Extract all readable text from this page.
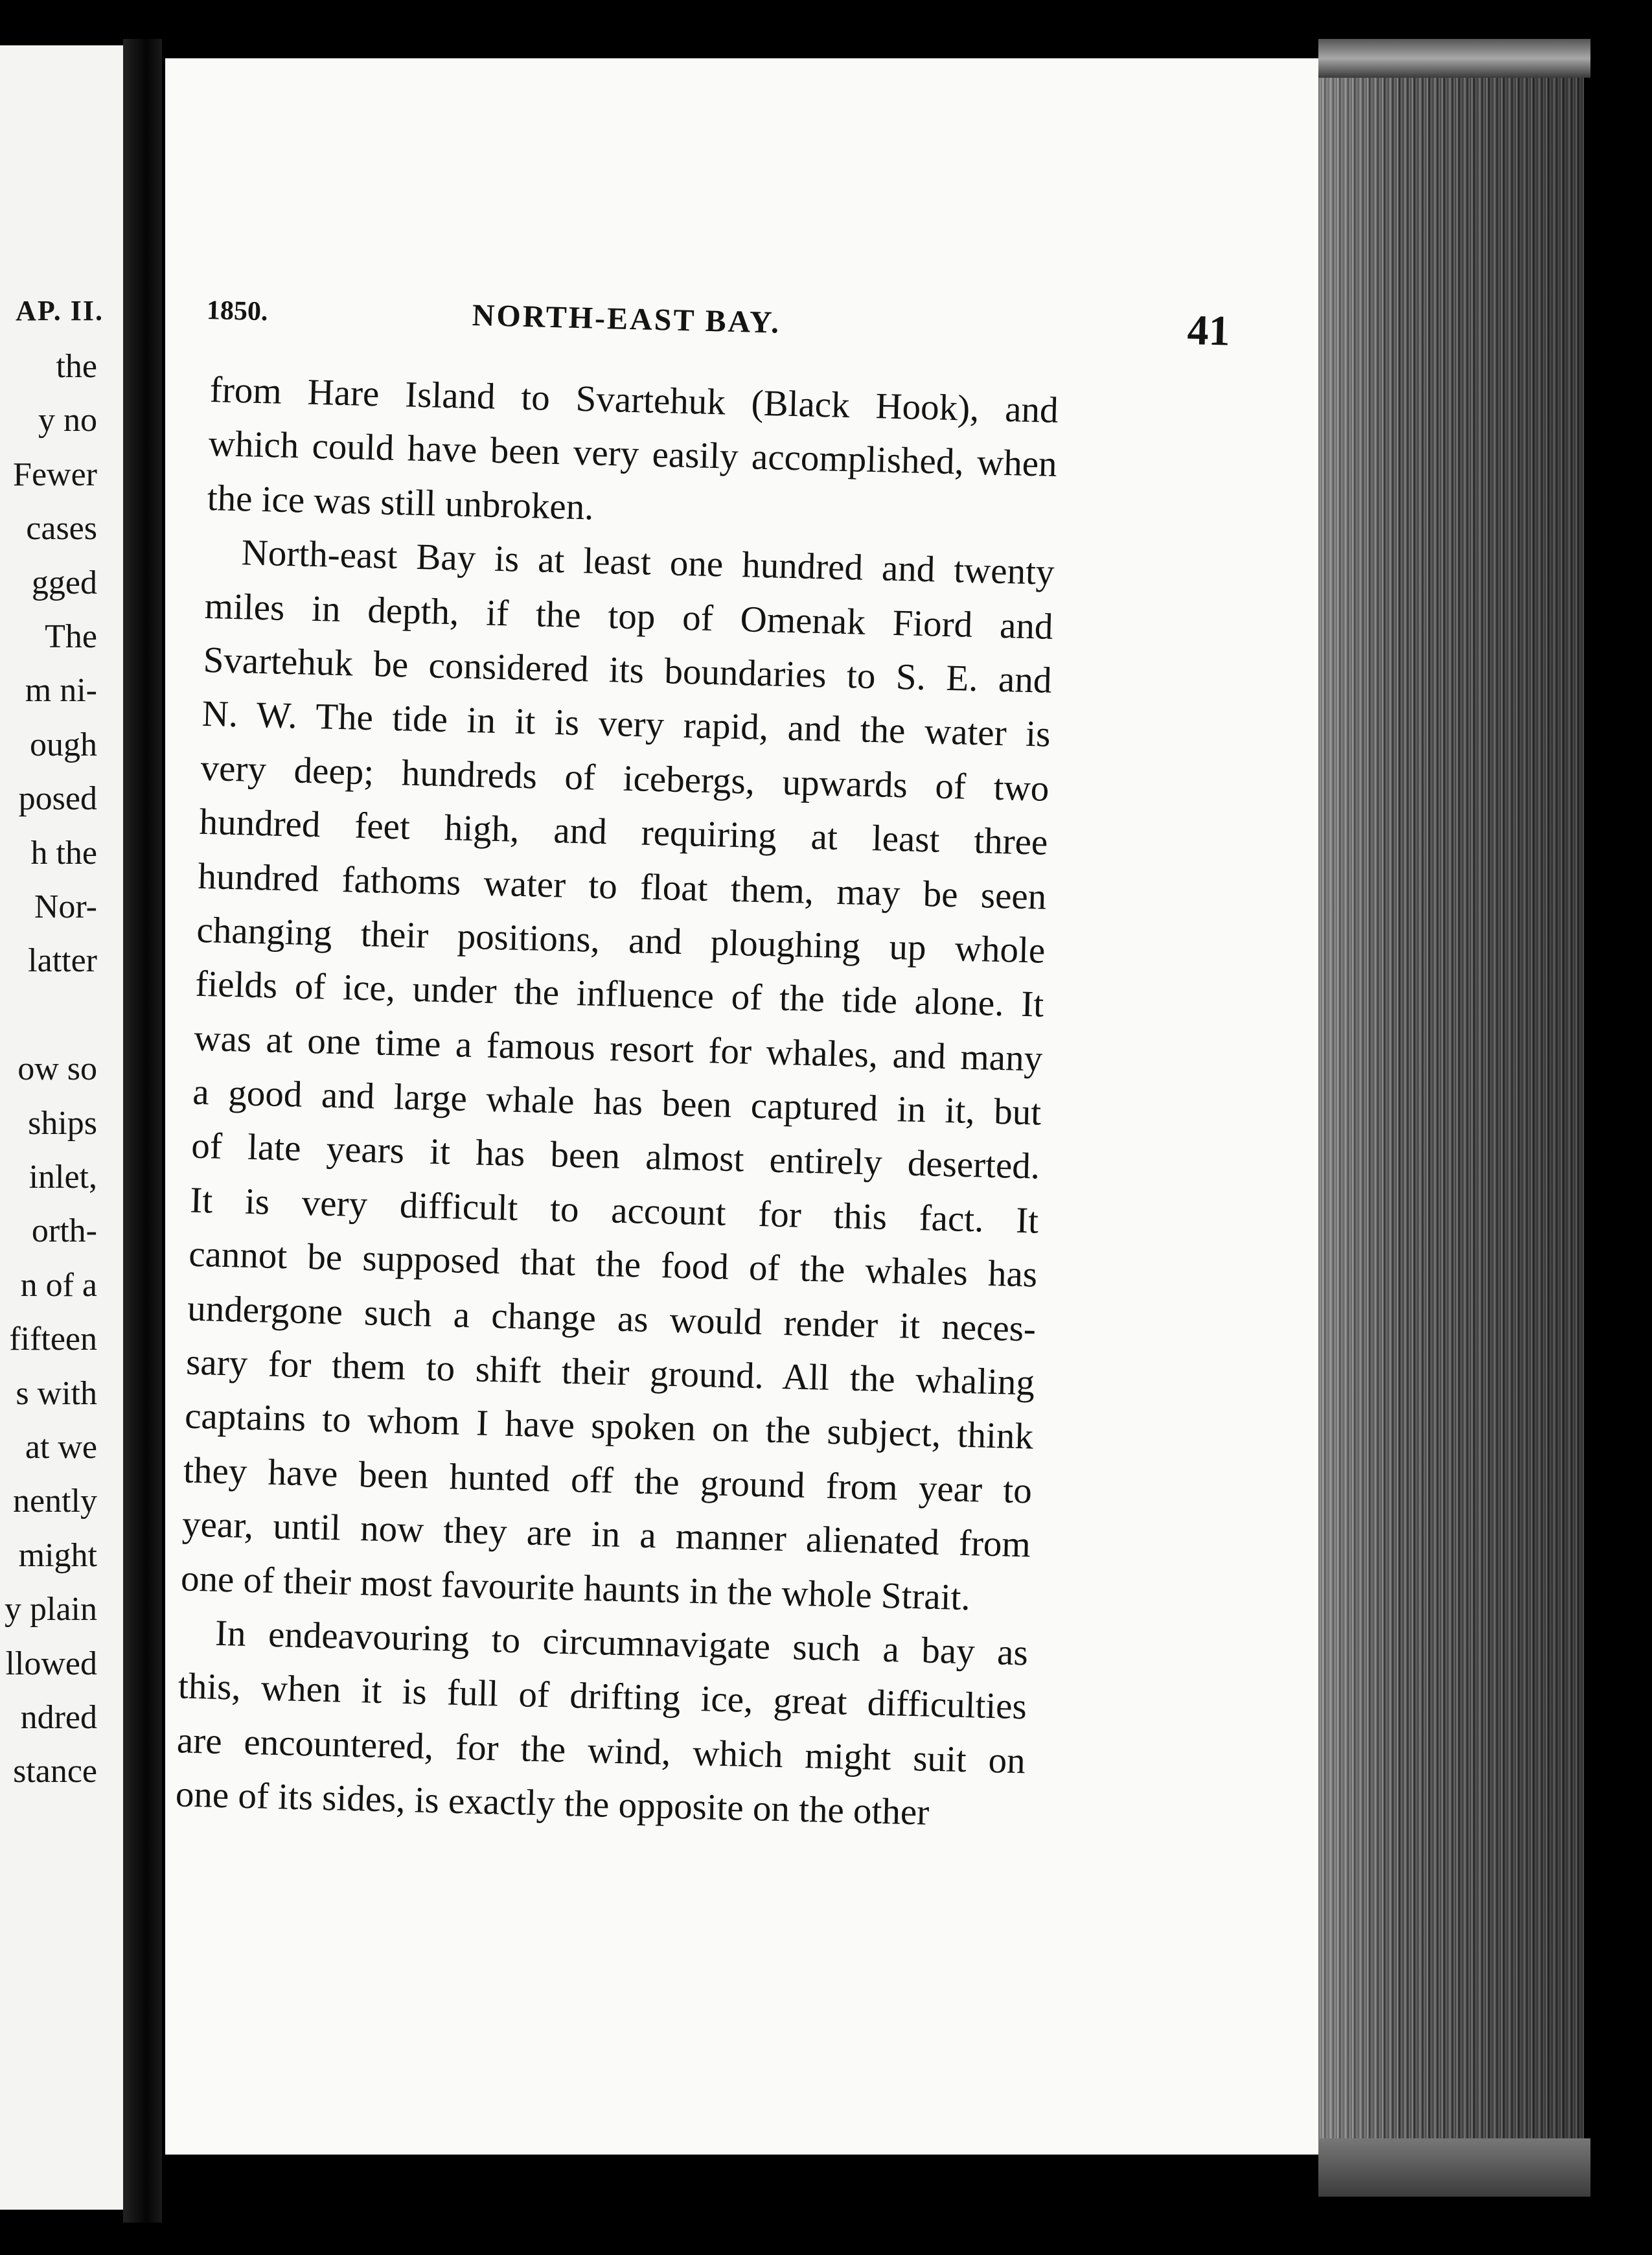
AP. II.
the
y no
Fewer
cases
gged
The
m ni-
ough
posed
h the
Nor-
latter
ow so
ships
inlet,
orth-
n of a
fifteen
s with
at we
nently
might
y plain
llowed
ndred
stance
1850.	NORTH-EAST BAY.	41
from Hare Island to Svartehuk (Black Hook), and
which could have been very easily accomplished, when
the ice was still unbroken.
North-east Bay is at least one hundred and twenty
miles in depth, if the top of Omenak Fiord and
Svartehuk be considered its boundaries to S. E. and
N. W. The tide in it is very rapid, and the water is
very deep; hundreds of icebergs, upwards of two
hundred feet high, and requiring at least three
hundred fathoms water to float them, may be seen
changing their positions, and ploughing up whole
fields of ice, under the influence of the tide alone. It
was at one time a famous resort for whales, and many
a good and large whale has been captured in it, but
of late years it has been almost entirely deserted.
It is very difficult to account for this fact. It
cannot be supposed that the food of the whales has
undergone such a change as would render it neces-
sary for them to shift their ground. All the whaling
captains to whom I have spoken on the subject, think
they have been hunted off the ground from year to
year, until now they are in a manner alienated from
one of their most favourite haunts in the whole Strait.
In endeavouring to circumnavigate such a bay as
this, when it is full of drifting ice, great difficulties
are encountered, for the wind, which might suit on
one of its sides, is exactly the opposite on the other
